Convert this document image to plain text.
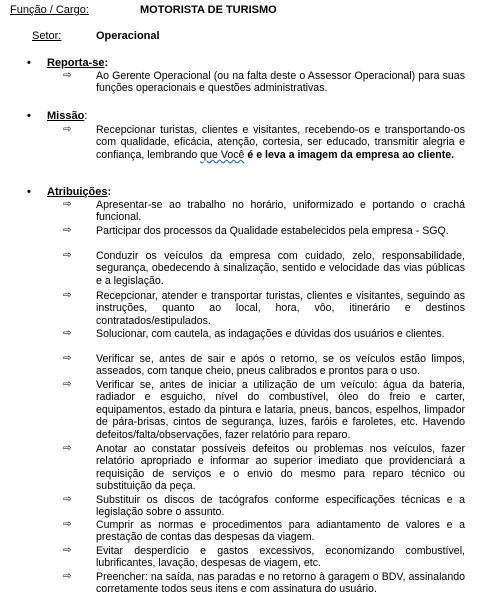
Função / Cargo:	MOTORISTA DE TURISMO
Setor:	Operacional
• Reporta-se:
⇨	Ao Gerente Operacional (ou na falta deste o Assessor Operacional) para suas funções operacionais e questões administrativas.
• Missão:
⇨	Recepcionar turistas, clientes e visitantes, recebendo-os e transportando-os com qualidade, eficácia, atenção, cortesia, ser educado, transmitir alegria e confiança, lembrando que Você é e leva a imagem da empresa ao cliente.
• Atribuições:
⇨	Apresentar-se ao trabalho no horário, uniformizado e portando o crachá funcional.
⇨	Participar dos processos da Qualidade estabelecidos pela empresa - SGQ.
⇨	Conduzir os veículos da empresa com cuidado, zelo, responsabilidade, segurança, obedecendo à sinalização, sentido e velocidade das vias públicas e a legislação.
⇨	Recepcionar, atender e transportar turistas, clientes e visitantes, seguindo as instruções, quanto ao local, hora, vôo, itinerário e destinos contratados/estipulados.
⇨	Solucionar, com cautela, as indagações e dúvidas dos usuários e clientes.
⇨	Verificar se, antes de sair e após o retorno, se os veículos estão limpos, asseados, com tanque cheio, pneus calibrados e prontos para o uso.
⇨	Verificar se, antes de iniciar a utilização de um veículo: água da bateria, radiador e esguicho, nível do combustível, óleo do freio e carter, equipamentos, estado da pintura e lataria, pneus, bancos, espelhos, limpador de pára-brisas, cintos de segurança, luzes, faróis e faroletes, etc. Havendo defeitos/falta/observações, fazer relatório para reparo.
⇨	Anotar ao constatar possíveis defeitos ou problemas nos veículos, fazer relatório apropriado e informar ao superior imediato que providenciará a requisição de serviços e o envio do mesmo para reparo técnico ou substituição da peça.
⇨	Substituir os discos de tacógrafos conforme especificações técnicas e a legislação sobre o assunto.
⇨	Cumprir as normas e procedimentos para adiantamento de valores e a prestação de contas das despesas da viagem.
⇨	Evitar desperdício e gastos excessivos, economizando combustível, lubrificantes, lavação, despesas de viagem, etc.
⇨	Preencher: na saída, nas paradas e no retorno à garagem o BDV, assinalando corretamente todos seus itens e com assinatura do usuário.
